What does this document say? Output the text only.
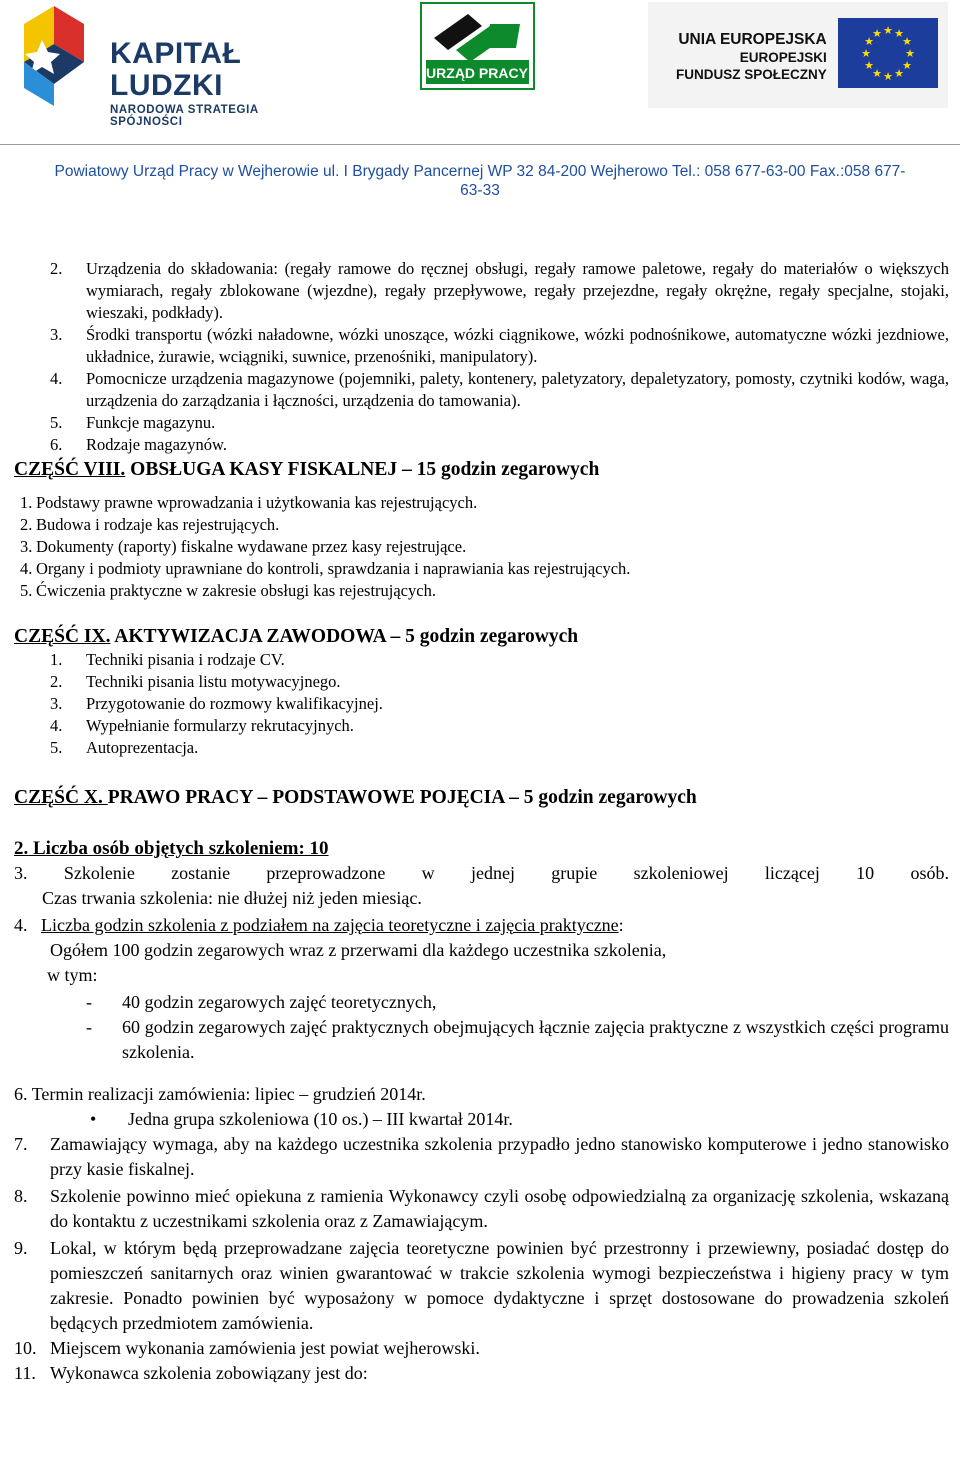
KAPITAŁ LUDZKI
NARODOWA STRATEGIA SPÓJNOŚCI
URZĄD PRACY
UNIA EUROPEJSKA
EUROPEJSKI
FUNDUSZ SPOŁECZNY
★ ★
★
★
★
★
★
★
★
★
★
★
Powiatowy Urząd Pracy w Wejherowie ul. I Brygady Pancernej WP 32 84-200 Wejherowo Tel.: 058 677-63-00 Fax.:058 677-
63-33
2. Urządzenia do składowania: (regały ramowe do ręcznej obsługi, regały ramowe paletowe, regały do materiałów o większych wymiarach, regały zblokowane (wjezdne), regały przepływowe, regały przejezdne, regały okrężne, regały specjalne, stojaki, wieszaki, podkłady).
3. Środki transportu (wózki naładowne, wózki unoszące, wózki ciągnikowe, wózki podnośnikowe, automatyczne wózki jezdniowe, układnice, żurawie, wciągniki, suwnice, przenośniki, manipulatory).
4. Pomocnicze urządzenia magazynowe (pojemniki, palety, kontenery, paletyzatory, depaletyzatory, pomosty, czytniki kodów, waga, urządzenia do zarządzania i łączności, urządzenia do tamowania).
5. Funkcje magazynu.
6. Rodzaje magazynów.
CZĘŚĆ VIII. OBSŁUGA KASY FISKALNEJ – 15 godzin zegarowych
1. Podstawy prawne wprowadzania i użytkowania kas rejestrujących.
2. Budowa i rodzaje kas rejestrujących.
3. Dokumenty (raporty) fiskalne wydawane przez kasy rejestrujące.
4. Organy i podmioty uprawniane do kontroli, sprawdzania i naprawiania kas rejestrujących.
5. Ćwiczenia praktyczne w zakresie obsługi kas rejestrujących.
CZĘŚĆ IX. AKTYWIZACJA ZAWODOWA – 5 godzin zegarowych
1. Techniki pisania i rodzaje CV.
2. Techniki pisania listu motywacyjnego.
3. Przygotowanie do rozmowy kwalifikacyjnej.
4. Wypełnianie formularzy rekrutacyjnych.
5. Autoprezentacja.
CZĘŚĆ X. PRAWO PRACY – PODSTAWOWE POJĘCIA – 5 godzin zegarowych
2. Liczba osób objętych szkoleniem: 10
3. Szkolenie zostanie przeprowadzone w jednej grupie szkoleniowej liczącej 10 osób.
Czas trwania szkolenia: nie dłużej niż jeden miesiąc.
4. Liczba godzin szkolenia z podziałem na zajęcia teoretyczne i zajęcia praktyczne:
Ogółem 100 godzin zegarowych wraz z przerwami dla każdego uczestnika szkolenia,
w tym:
- 40 godzin zegarowych zajęć teoretycznych,
- 60 godzin zegarowych zajęć praktycznych obejmujących łącznie zajęcia praktyczne z wszystkich części programu szkolenia.
6. Termin realizacji zamówienia: lipiec – grudzień 2014r.
• Jedna grupa szkoleniowa (10 os.) – III kwartał 2014r.
7. Zamawiający wymaga, aby na każdego uczestnika szkolenia przypadło jedno stanowisko komputerowe i jedno stanowisko przy kasie fiskalnej.
8. Szkolenie powinno mieć opiekuna z ramienia Wykonawcy czyli osobę odpowiedzialną za organizację szkolenia, wskazaną do kontaktu z uczestnikami szkolenia oraz z Zamawiającym.
9. Lokal, w którym będą przeprowadzane zajęcia teoretyczne powinien być przestronny i przewiewny, posiadać dostęp do pomieszczeń sanitarnych oraz winien gwarantować w trakcie szkolenia wymogi bezpieczeństwa i higieny pracy w tym zakresie. Ponadto powinien być wyposażony w pomoce dydaktyczne i sprzęt dostosowane do prowadzenia szkoleń będących przedmiotem zamówienia.
10. Miejscem wykonania zamówienia jest powiat wejherowski.
11. Wykonawca szkolenia zobowiązany jest do:
